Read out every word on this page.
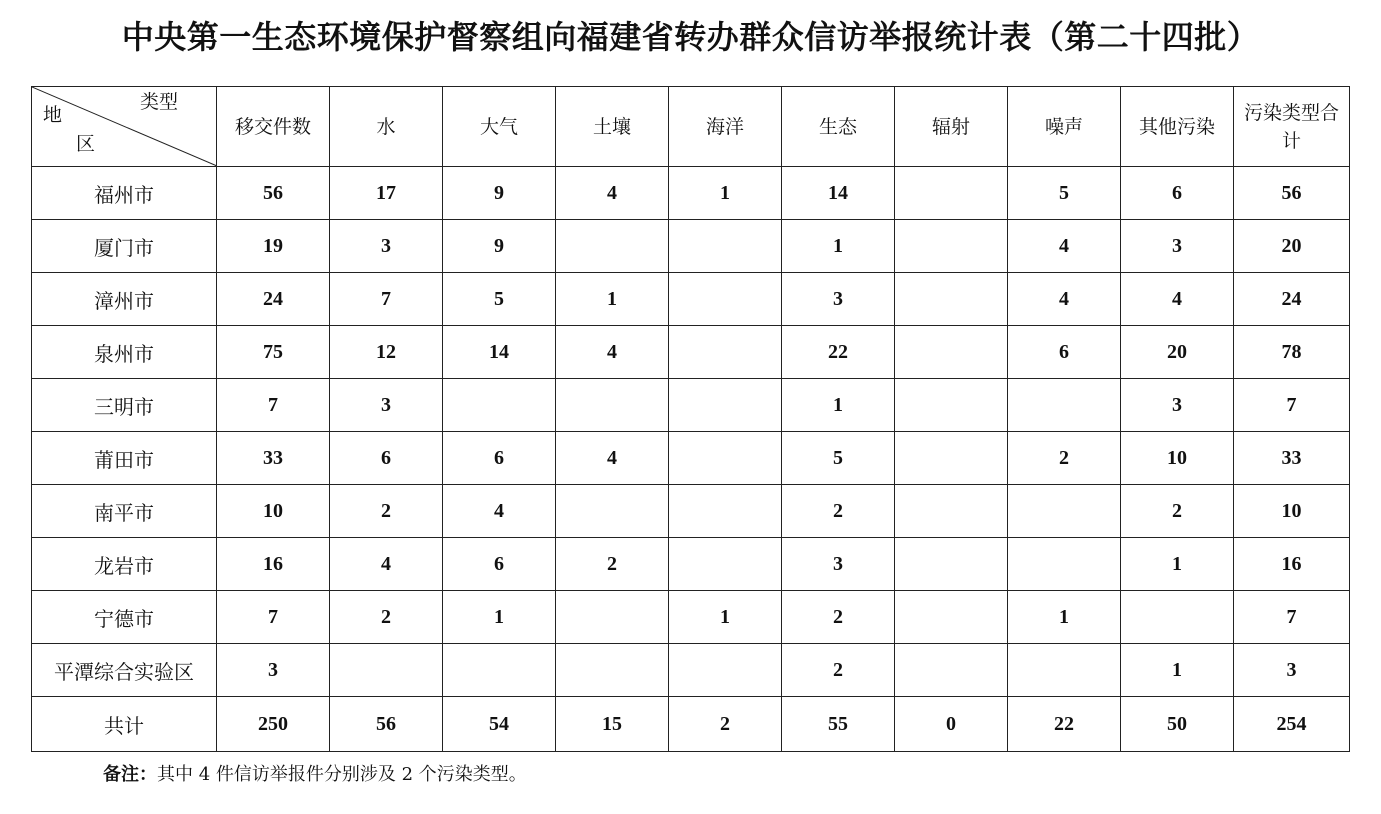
中央第一生态环境保护督察组向福建省转办群众信访举报统计表（第二十四批）
类型
地
区	移交件数	水	大气	土壤	海洋	生态	辐射	噪声	其他污染	污染类型合计
福州市	56	17	9	4	1	14		5	6	56
厦门市	19	3	9			1		4	3	20
漳州市	24	7	5	1		3		4	4	24
泉州市	75	12	14	4		22		6	20	78
三明市	7	3				1			3	7
莆田市	33	6	6	4		5		2	10	33
南平市	10	2	4			2			2	10
龙岩市	16	4	6	2		3			1	16
宁德市	7	2	1		1	2		1		7
平潭综合实验区	3					2			1	3
共计	250	56	54	15	2	55	0	22	50	254
备注：其中 4 件信访举报件分别涉及 2 个污染类型。
